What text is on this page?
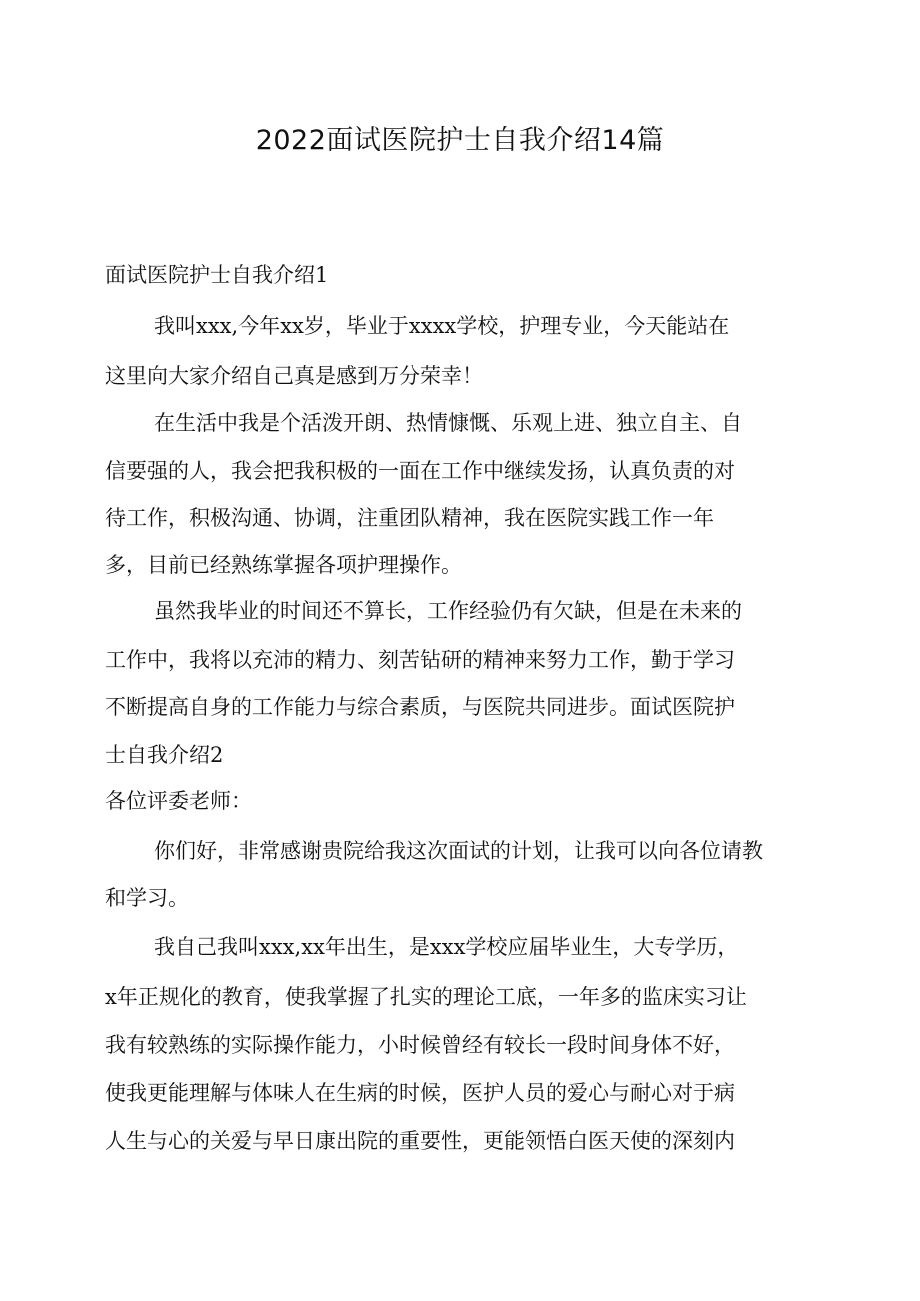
2022面试医院护士自我介绍14篇

面试医院护士自我介绍1

我叫xxx,今年xx岁，毕业于xxxx学校，护理专业，今天能站在

这里向大家介绍自己真是感到万分荣幸！

在生活中我是个活泼开朗、热情慷慨、乐观上进、独立自主、自

信要强的人，我会把我积极的一面在工作中继续发扬，认真负责的对

待工作，积极沟通、协调，注重团队精神，我在医院实践工作一年

多，目前已经熟练掌握各项护理操作。

虽然我毕业的时间还不算长，工作经验仍有欠缺，但是在未来的

工作中，我将以充沛的精力、刻苦钻研的精神来努力工作，勤于学习

不断提高自身的工作能力与综合素质，与医院共同进步。面试医院护

士自我介绍2

各位评委老师：

你们好，非常感谢贵院给我这次面试的计划，让我可以向各位请教

和学习。

我自己我叫xxx,xx年出生，是xxx学校应届毕业生，大专学历，

x年正规化的教育，使我掌握了扎实的理论工底，一年多的监床实习让

我有较熟练的实际操作能力，小时候曾经有较长一段时间身体不好，

使我更能理解与体味人在生病的时候，医护人员的爱心与耐心对于病

人生与心的关爱与早日康出院的重要性，更能领悟白医天使的深刻内
